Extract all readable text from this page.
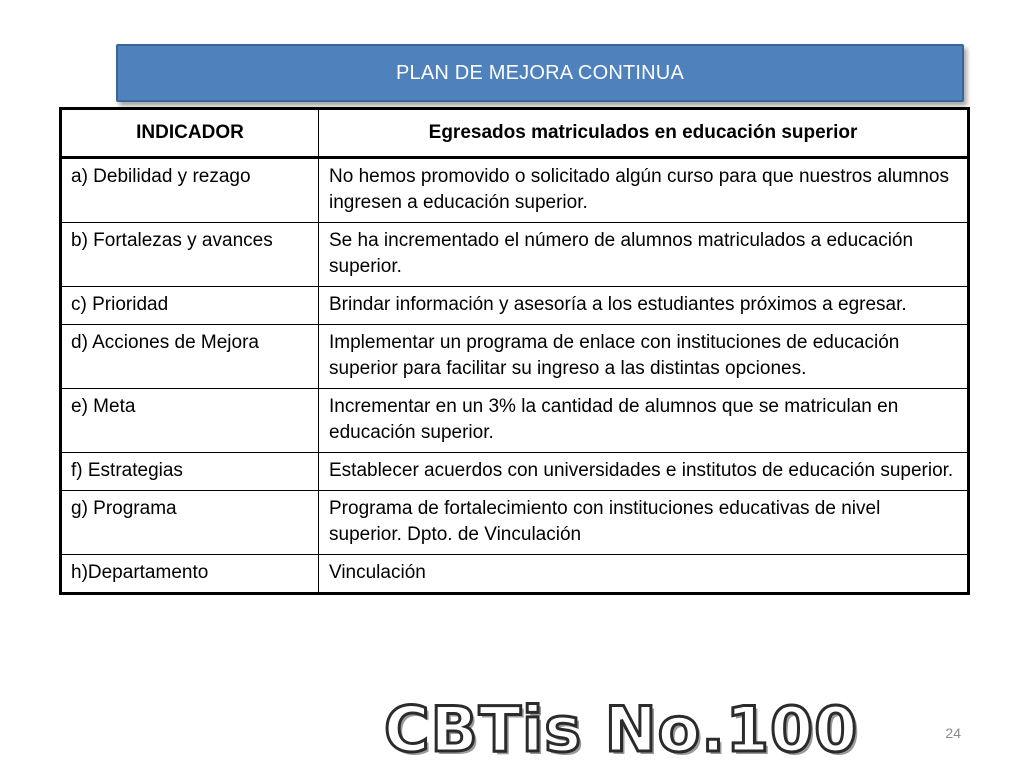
PLAN DE MEJORA CONTINUA
INDICADOR	Egresados matriculados en educación superior
a) Debilidad y rezago	No hemos promovido o solicitado algún curso para que nuestros alumnos ingresen a educación superior.
b) Fortalezas y avances	Se ha incrementado el número de alumnos matriculados a educación superior.
c) Prioridad	Brindar información y asesoría a los estudiantes próximos a egresar.
d) Acciones de Mejora	Implementar un programa de enlace con instituciones de educación superior para facilitar su ingreso a las distintas opciones.
e) Meta	Incrementar en un 3% la cantidad de alumnos que se matriculan en educación superior.
f) Estrategias	Establecer acuerdos con universidades e institutos de educación superior.
g) Programa	Programa de fortalecimiento con instituciones educativas de nivel superior. Dpto. de Vinculación
h)Departamento	Vinculación
CBTis No.100	24
